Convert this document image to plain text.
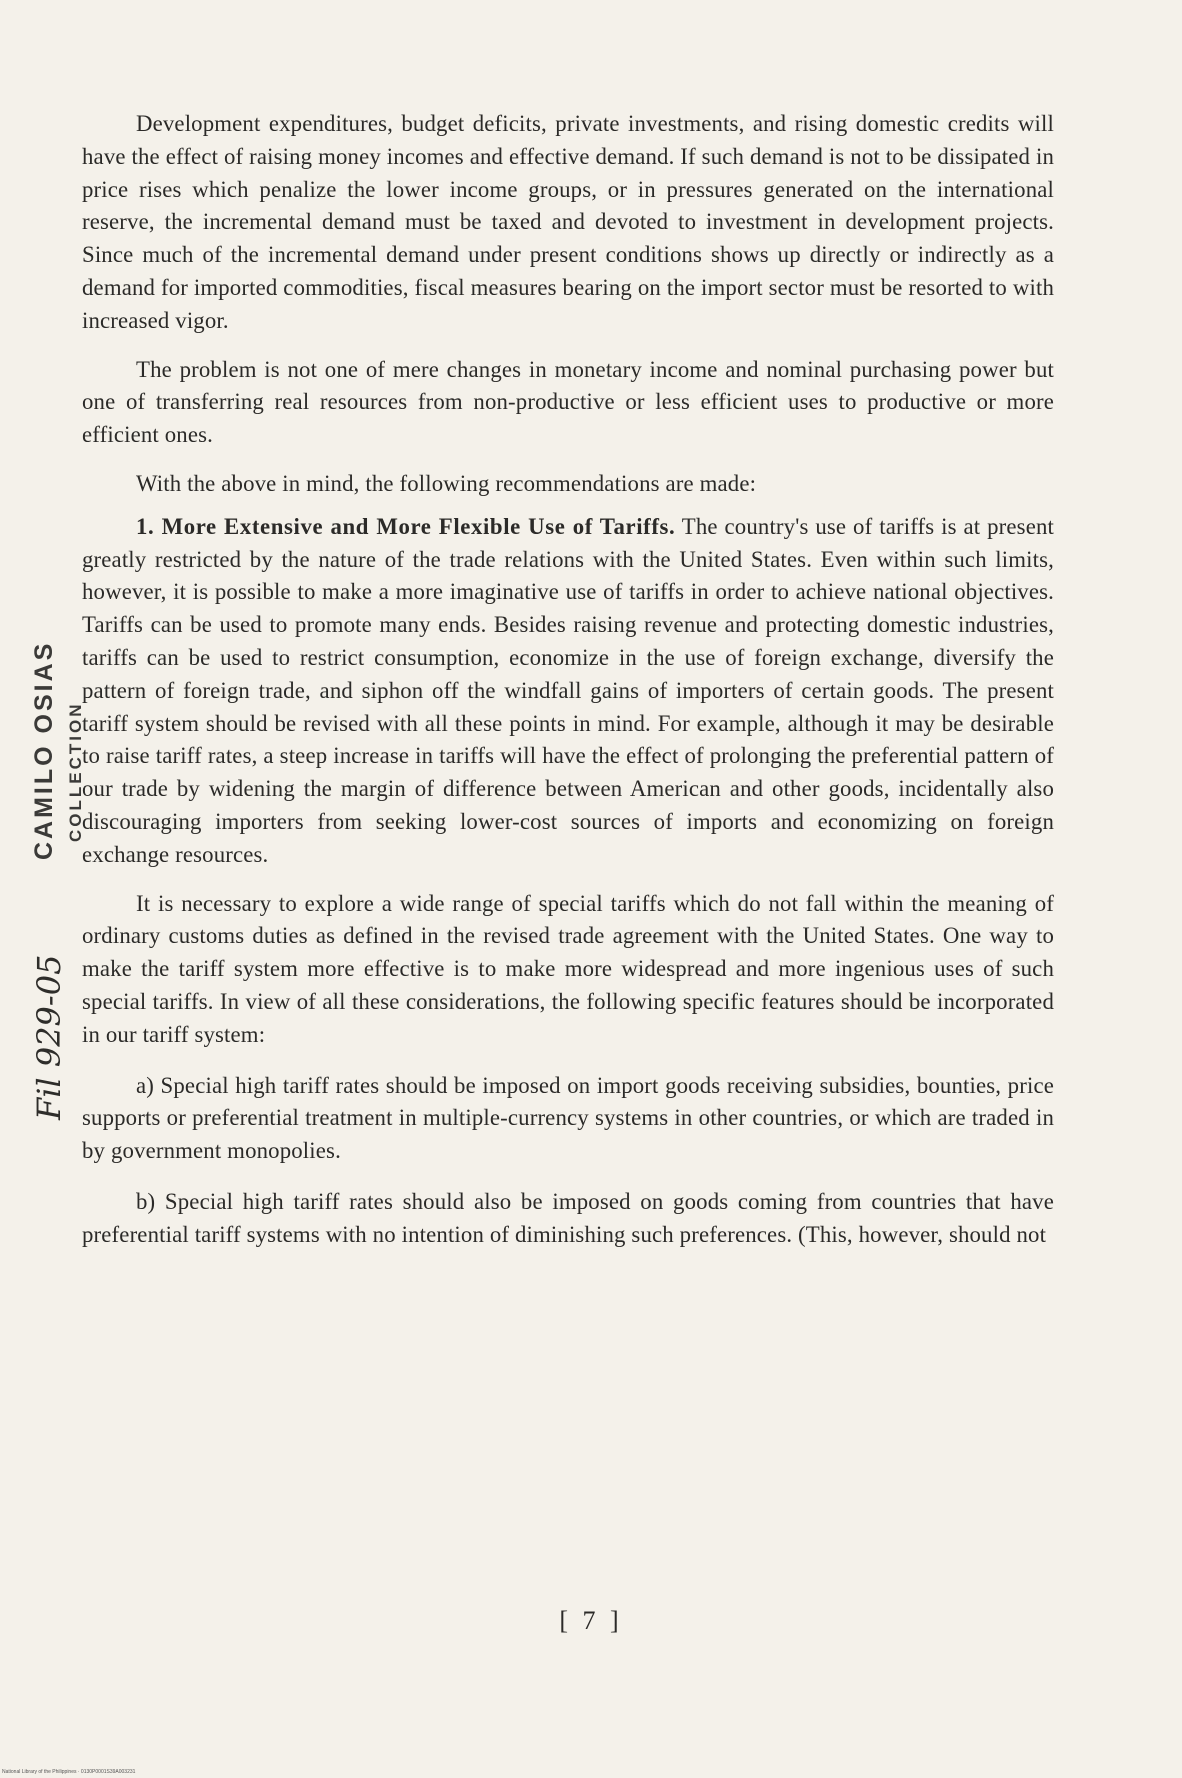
Development expenditures, budget deficits, private investments, and rising domestic credits will have the effect of raising money incomes and effective demand. If such demand is not to be dissipated in price rises which penalize the lower income groups, or in pressures generated on the international reserve, the incremental demand must be taxed and devoted to investment in development projects. Since much of the incremental demand under present conditions shows up directly or indirectly as a demand for imported commodities, fiscal measures bearing on the import sector must be resorted to with increased vigor.

The problem is not one of mere changes in monetary income and nominal purchasing power but one of transferring real resources from non-productive or less efficient uses to productive or more efficient ones.

With the above in mind, the following recommendations are made:

1. More Extensive and More Flexible Use of Tariffs. The country's use of tariffs is at present greatly restricted by the nature of the trade relations with the United States. Even within such limits, however, it is possible to make a more imaginative use of tariffs in order to achieve national objectives. Tariffs can be used to promote many ends. Besides raising revenue and protecting domestic industries, tariffs can be used to restrict consumption, economize in the use of foreign exchange, diversify the pattern of foreign trade, and siphon off the windfall gains of importers of certain goods. The present tariff system should be revised with all these points in mind. For example, although it may be desirable to raise tariff rates, a steep increase in tariffs will have the effect of prolonging the preferential pattern of our trade by widening the margin of difference between American and other goods, incidentally also discouraging importers from seeking lower-cost sources of imports and economizing on foreign exchange resources.

It is necessary to explore a wide range of special tariffs which do not fall within the meaning of ordinary customs duties as defined in the revised trade agreement with the United States. One way to make the tariff system more effective is to make more widespread and more ingenious uses of such special tariffs. In view of all these considerations, the following specific features should be incorporated in our tariff system:

a) Special high tariff rates should be imposed on import goods receiving subsidies, bounties, price supports or preferential treatment in multiple-currency systems in other countries, or which are traded in by government monopolies.

b) Special high tariff rates should also be imposed on goods coming from countries that have preferential tariff systems with no intention of diminishing such preferences. (This, however, should not

[ 7 ]
CAMILO OSIAS COLLECTION
Fil 929-05
National Library of the Philippines · 0130P0001S39A003231
